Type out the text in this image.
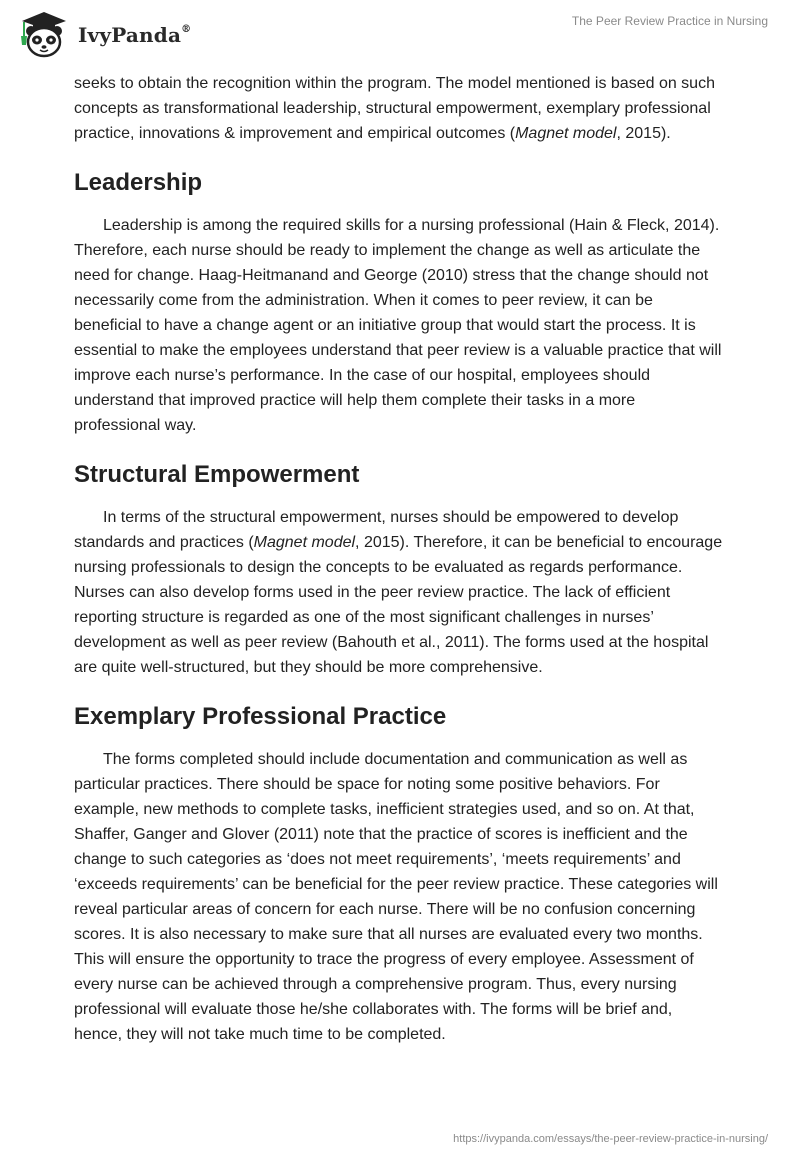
IvyPanda®
The Peer Review Practice in Nursing

seeks to obtain the recognition within the program. The model mentioned is based on such concepts as transformational leadership, structural empowerment, exemplary professional practice, innovations & improvement and empirical outcomes (Magnet model, 2015).

Leadership

Leadership is among the required skills for a nursing professional (Hain & Fleck, 2014). Therefore, each nurse should be ready to implement the change as well as articulate the need for change. Haag-Heitmanand and George (2010) stress that the change should not necessarily come from the administration. When it comes to peer review, it can be beneficial to have a change agent or an initiative group that would start the process. It is essential to make the employees understand that peer review is a valuable practice that will improve each nurse’s performance. In the case of our hospital, employees should understand that improved practice will help them complete their tasks in a more professional way.

Structural Empowerment

In terms of the structural empowerment, nurses should be empowered to develop standards and practices (Magnet model, 2015). Therefore, it can be beneficial to encourage nursing professionals to design the concepts to be evaluated as regards performance. Nurses can also develop forms used in the peer review practice. The lack of efficient reporting structure is regarded as one of the most significant challenges in nurses’ development as well as peer review (Bahouth et al., 2011). The forms used at the hospital are quite well-structured, but they should be more comprehensive.

Exemplary Professional Practice

The forms completed should include documentation and communication as well as particular practices. There should be space for noting some positive behaviors. For example, new methods to complete tasks, inefficient strategies used, and so on. At that, Shaffer, Ganger and Glover (2011) note that the practice of scores is inefficient and the change to such categories as ‘does not meet requirements’, ‘meets requirements’ and ‘exceeds requirements’ can be beneficial for the peer review practice. These categories will reveal particular areas of concern for each nurse. There will be no confusion concerning scores. It is also necessary to make sure that all nurses are evaluated every two months. This will ensure the opportunity to trace the progress of every employee. Assessment of every nurse can be achieved through a comprehensive program. Thus, every nursing professional will evaluate those he/she collaborates with. The forms will be brief and, hence, they will not take much time to be completed.

https://ivypanda.com/essays/the-peer-review-practice-in-nursing/
